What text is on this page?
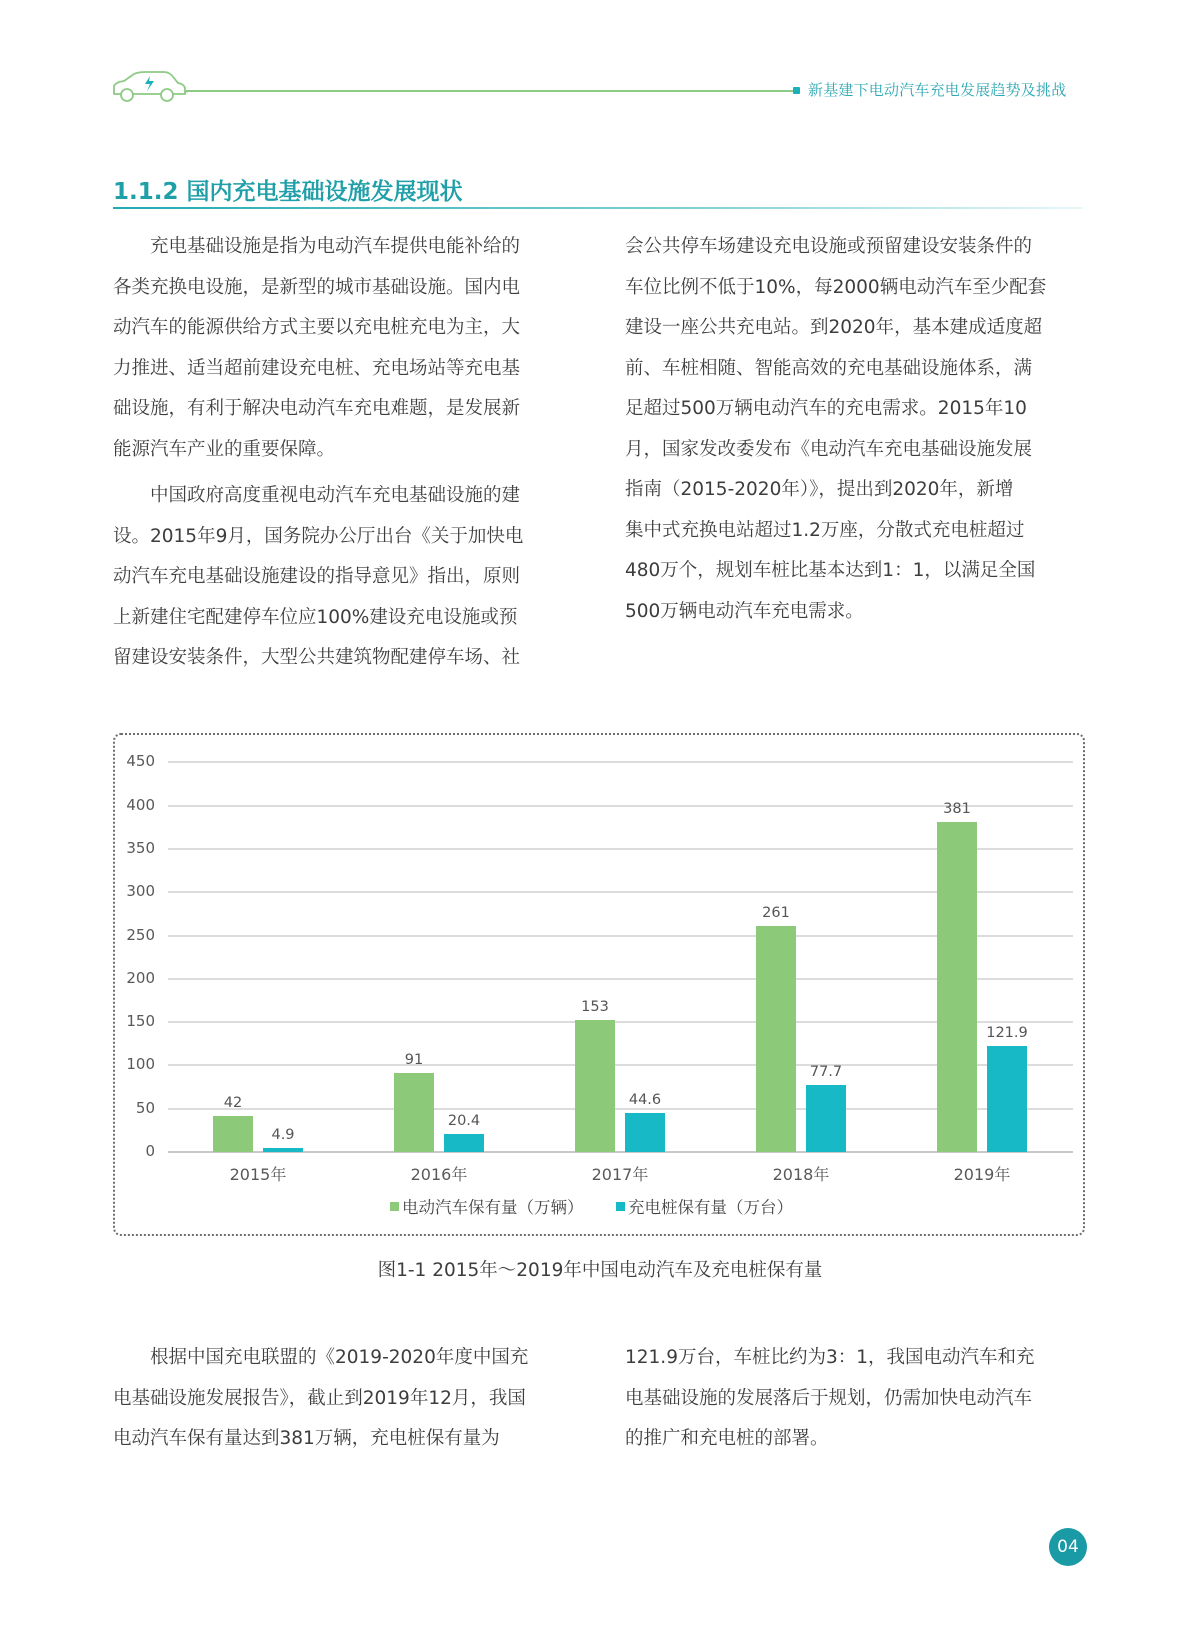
新基建下电动汽车充电发展趋势及挑战
1.1.2 国内充电基础设施发展现状

　　充电基础设施是指为电动汽车提供电能补给的

各类充换电设施，是新型的城市基础设施。国内电

动汽车的能源供给方式主要以充电桩充电为主，大

力推进、适当超前建设充电桩、充电场站等充电基

础设施，有利于解决电动汽车充电难题，是发展新

能源汽车产业的重要保障。

　　中国政府高度重视电动汽车充电基础设施的建

设。2015年9月，国务院办公厅出台《关于加快电

动汽车充电基础设施建设的指导意见》指出，原则

上新建住宅配建停车位应100%建设充电设施或预

留建设安装条件，大型公共建筑物配建停车场、社

会公共停车场建设充电设施或预留建设安装条件的

车位比例不低于10%，每2000辆电动汽车至少配套

建设一座公共充电站。到2020年，基本建成适度超

前、车桩相随、智能高效的充电基础设施体系，满

足超过500万辆电动汽车的充电需求。2015年10

月，国家发改委发布《电动汽车充电基础设施发展

指南（2015-2020年）》，提出到2020年，新增

集中式充换电站超过1.2万座，分散式充电桩超过

480万个，规划车桩比基本达到1：1，以满足全国

500万辆电动汽车充电需求。

0
50
100
150
200
250
300
350
400
450
42
4.9
2015年
91
20.4
2016年
153
44.6
2017年
261
77.7
2018年
381
121.9
2019年
电动汽车保有量（万辆）	充电桩保有量（万台）
图1-1 2015年～2019年中国电动汽车及充电桩保有量

　　根据中国充电联盟的《2019-2020年度中国充

电基础设施发展报告》，截止到2019年12月，我国

电动汽车保有量达到381万辆，充电桩保有量为

121.9万台，车桩比约为3：1，我国电动汽车和充

电基础设施的发展落后于规划，仍需加快电动汽车

的推广和充电桩的部署。

04
